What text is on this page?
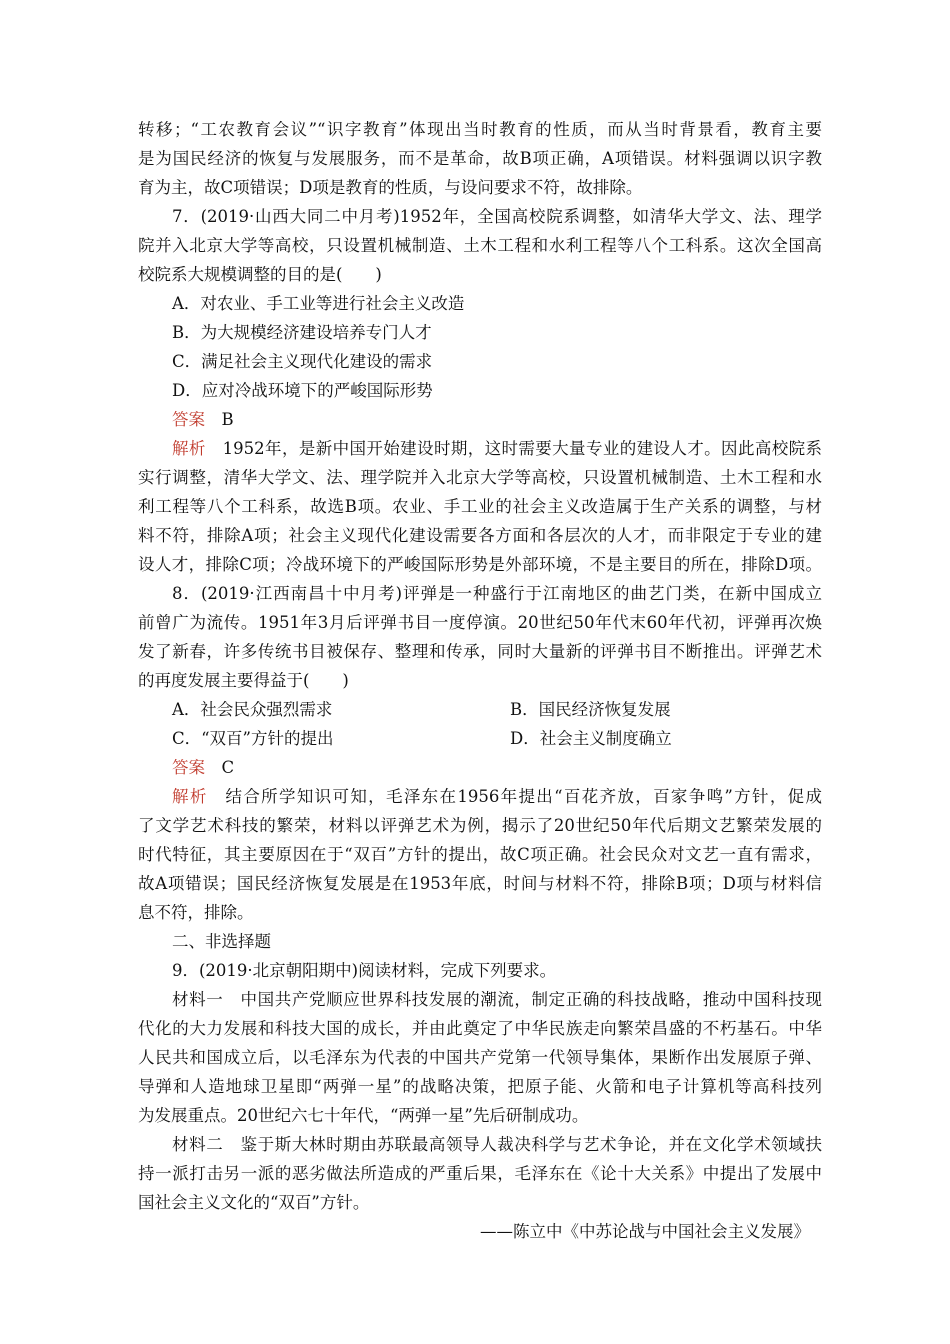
转移；“工农教育会议”“识字教育”体现出当时教育的性质，而从当时背景看，教育主要
是为国民经济的恢复与发展服务，而不是革命，故B项正确，A项错误。材料强调以识字教
育为主，故C项错误；D项是教育的性质，与设问要求不符，故排除。
7．(2019·山西大同二中月考)1952年，全国高校院系调整，如清华大学文、法、理学
院并入北京大学等高校，只设置机械制造、土木工程和水利工程等八个工科系。这次全国高
校院系大规模调整的目的是(　　)
A．对农业、手工业等进行社会主义改造
B．为大规模经济建设培养专门人才
C．满足社会主义现代化建设的需求
D．应对冷战环境下的严峻国际形势
答案　 B
解析　1952年，是新中国开始建设时期，这时需要大量专业的建设人才。因此高校院系
实行调整，清华大学文、法、理学院并入北京大学等高校，只设置机械制造、土木工程和水
利工程等八个工科系，故选B项。农业、手工业的社会主义改造属于生产关系的调整，与材
料不符，排除A项；社会主义现代化建设需要各方面和各层次的人才，而非限定于专业的建
设人才，排除C项；冷战环境下的严峻国际形势是外部环境，不是主要目的所在，排除D项。
8．(2019·江西南昌十中月考)评弹是一种盛行于江南地区的曲艺门类，在新中国成立
前曾广为流传。1951年3月后评弹书目一度停演。20世纪50年代末60年代初，评弹再次焕
发了新春，许多传统书目被保存、整理和传承，同时大量新的评弹书目不断推出。评弹艺术
的再度发展主要得益于(　　)
A．社会民众强烈需求	B．国民经济恢复发展
C．“双百”方针的提出	D．社会主义制度确立
答案　 C
解析　结合所学知识可知，毛泽东在1956年提出“百花齐放，百家争鸣”方针，促成
了文学艺术科技的繁荣，材料以评弹艺术为例，揭示了20世纪50年代后期文艺繁荣发展的
时代特征，其主要原因在于“双百”方针的提出，故C项正确。社会民众对文艺一直有需求，
故A项错误；国民经济恢复发展是在1953年底，时间与材料不符，排除B项；D项与材料信
息不符，排除。
二、非选择题
9．(2019·北京朝阳期中)阅读材料，完成下列要求。
材料一　中国共产党顺应世界科技发展的潮流，制定正确的科技战略，推动中国科技现
代化的大力发展和科技大国的成长，并由此奠定了中华民族走向繁荣昌盛的不朽基石。中华
人民共和国成立后，以毛泽东为代表的中国共产党第一代领导集体，果断作出发展原子弹、
导弹和人造地球卫星即“两弹一星”的战略决策，把原子能、火箭和电子计算机等高科技列
为发展重点。20世纪六七十年代，“两弹一星”先后研制成功。
材料二　鉴于斯大林时期由苏联最高领导人裁决科学与艺术争论，并在文化学术领域扶
持一派打击另一派的恶劣做法所造成的严重后果，毛泽东在《论十大关系》中提出了发展中
国社会主义文化的“双百”方针。
——陈立中《中苏论战与中国社会主义发展》
